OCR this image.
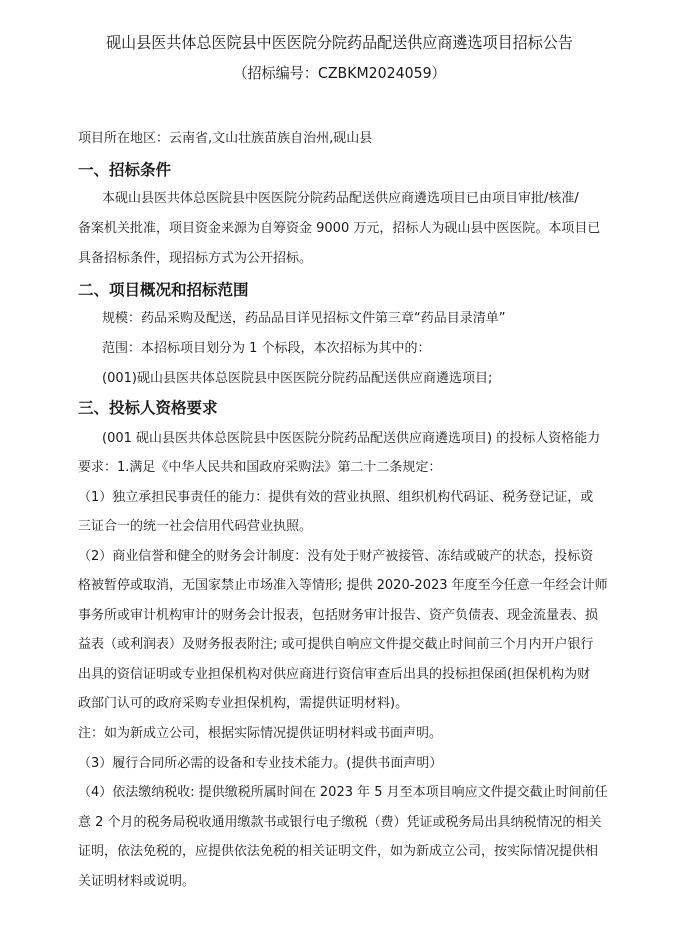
砚山县医共体总医院县中医医院分院药品配送供应商遴选项目招标公告
（招标编号：CZBKM2024059）
项目所在地区：云南省,文山壮族苗族自治州,砚山县
一、招标条件
本砚山县医共体总医院县中医医院分院药品配送供应商遴选项目已由项目审批/核准/
备案机关批准，项目资金来源为自筹资金 9000 万元，招标人为砚山县中医医院。本项目已
具备招标条件，现招标方式为公开招标。
二、项目概况和招标范围
规模：药品采购及配送，药品品目详见招标文件第三章“药品目录清单”
范围：本招标项目划分为 1 个标段，本次招标为其中的：
(001)砚山县医共体总医院县中医医院分院药品配送供应商遴选项目;
三、投标人资格要求
(001 砚山县医共体总医院县中医医院分院药品配送供应商遴选项目) 的投标人资格能力
要求：1.满足《中华人民共和国政府采购法》第二十二条规定：
（1）独立承担民事责任的能力：提供有效的营业执照、组织机构代码证、税务登记证，或
三证合一的统一社会信用代码营业执照。
（2）商业信誉和健全的财务会计制度：没有处于财产被接管、冻结或破产的状态，投标资
格被暂停或取消，无国家禁止市场准入等情形; 提供 2020-2023 年度至今任意一年经会计师
事务所或审计机构审计的财务会计报表，包括财务审计报告、资产负债表、现金流量表、损
益表（或利润表）及财务报表附注; 或可提供自响应文件提交截止时间前三个月内开户银行
出具的资信证明或专业担保机构对供应商进行资信审查后出具的投标担保函(担保机构为财
政部门认可的政府采购专业担保机构，需提供证明材料)。
注：如为新成立公司，根据实际情况提供证明材料或书面声明。
（3）履行合同所必需的设备和专业技术能力。(提供书面声明）
（4）依法缴纳税收: 提供缴税所属时间在 2023 年 5 月至本项目响应文件提交截止时间前任
意 2 个月的税务局税收通用缴款书或银行电子缴税（费）凭证或税务局出具纳税情况的相关
证明，依法免税的，应提供依法免税的相关证明文件，如为新成立公司，按实际情况提供相
关证明材料或说明。
